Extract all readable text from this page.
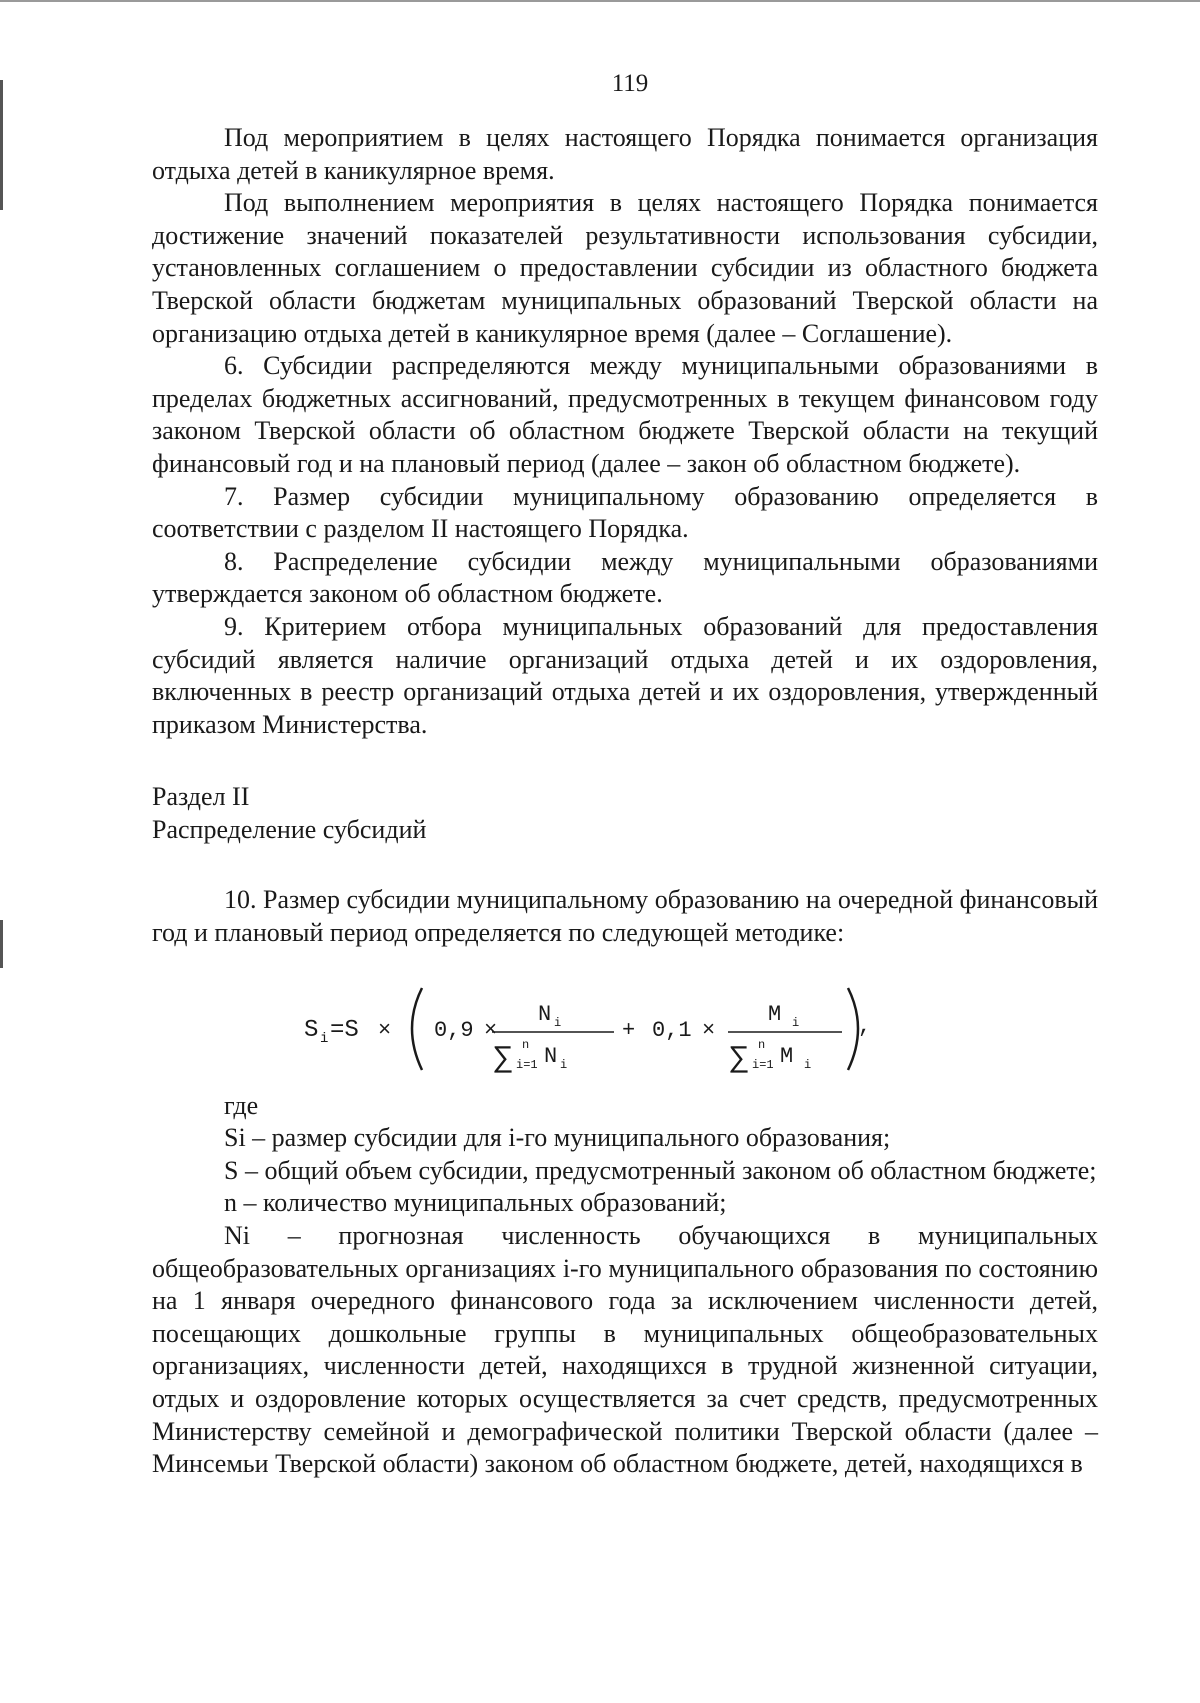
119

Под мероприятием в целях настоящего Порядка понимается организация отдыха детей в каникулярное время.

Под выполнением мероприятия в целях настоящего Порядка понимается достижение значений показателей результативности использования субсидии, установленных соглашением о предоставлении субсидии из областного бюджета Тверской области бюджетам муниципальных образований Тверской области на организацию отдыха детей в каникулярное время (далее – Соглашение).

6. Субсидии распределяются между муниципальными образованиями в пределах бюджетных ассигнований, предусмотренных в текущем финансовом году законом Тверской области об областном бюджете Тверской области на текущий финансовый год и на плановый период (далее – закон об областном бюджете).

7. Размер субсидии муниципальному образованию определяется в соответствии с разделом II настоящего Порядка.

8. Распределение субсидии между муниципальными образованиями утверждается законом об областном бюджете.

9. Критерием отбора муниципальных образований для предоставления субсидий является наличие организаций отдыха детей и их оздоровления, включенных в реестр организаций отдыха детей и их оздоровления, утвержденный приказом Министерства.

Раздел II
Распределение субсидий

10. Размер субсидии муниципальному образованию на очередной финансовый год и плановый период определяется по следующей методике:

S i =S × 0,9 ×
N i
∑ n
i=1 N i
+ 0,1 ×
M i
∑ n
i=1 M i
,

где

Si – размер субсидии для i-го муниципального образования;

S – общий объем субсидии, предусмотренный законом об областном бюджете;

n – количество муниципальных образований;

Ni – прогнозная численность обучающихся в муниципальных общеобразовательных организациях i-го муниципального образования по состоянию на 1 января очередного финансового года за исключением численности детей, посещающих дошкольные группы в муниципальных общеобразовательных организациях, численности детей, находящихся в трудной жизненной ситуации, отдых и оздоровление которых осуществляется за счет средств, предусмотренных Министерству семейной и демографической политики Тверской области (далее – Минсемьи Тверской области) законом об областном бюджете, детей, находящихся в
